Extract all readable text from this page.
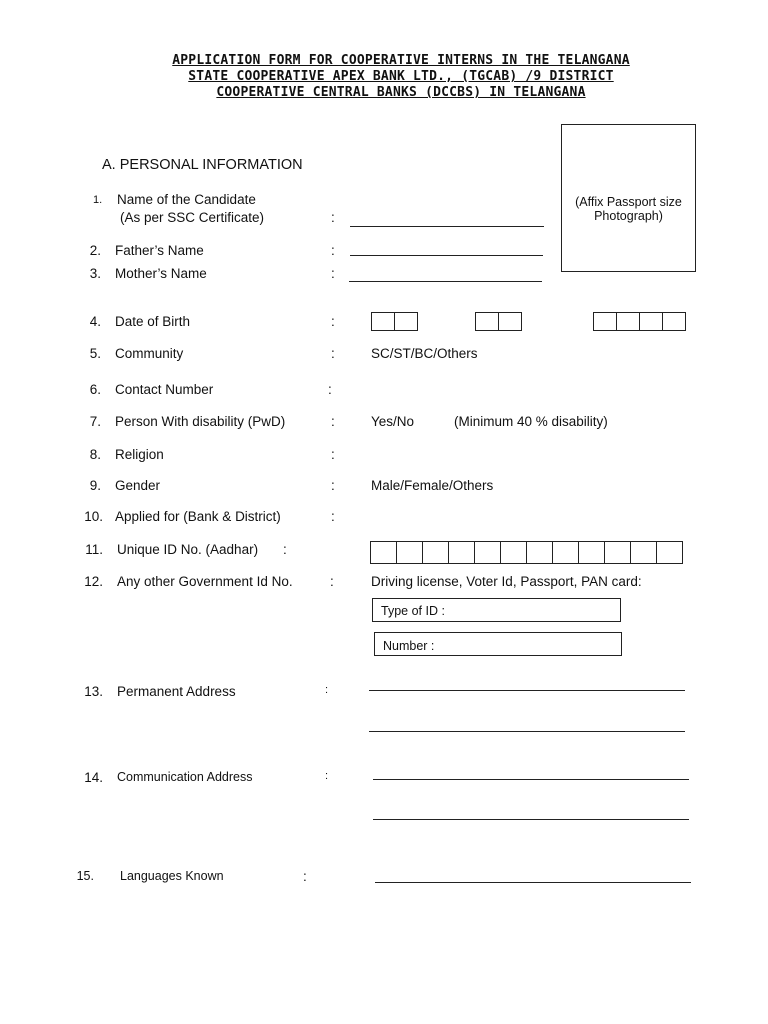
APPLICATION FORM FOR COOPERATIVE INTERNS IN THE TELANGANA
STATE COOPERATIVE APEX BANK LTD., (TGCAB) /9 DISTRICT
COOPERATIVE CENTRAL BANKS (DCCBS) IN TELANGANA
(Affix Passport size
Photograph)
A. PERSONAL INFORMATION
1. Name of the Candidate
(As per SSC Certificate)	:
2. Father’s Name	:
3. Mother’s Name	:
4. Date of Birth	:
5. Community	:	SC/ST/BC/Others
6. Contact Number	:
7. Person With disability (PwD)	:	Yes/No	(Minimum 40 % disability)
8. Religion	:
9. Gender	:	Male/Female/Others
10. Applied for (Bank & District)	:
11. Unique ID No. (Aadhar) :
12. Any other Government Id No.	:	Driving license, Voter Id, Passport, PAN card:
Type of ID :
Number :
13. Permanent Address	:
14. Communication Address	:
15. Languages Known	:
